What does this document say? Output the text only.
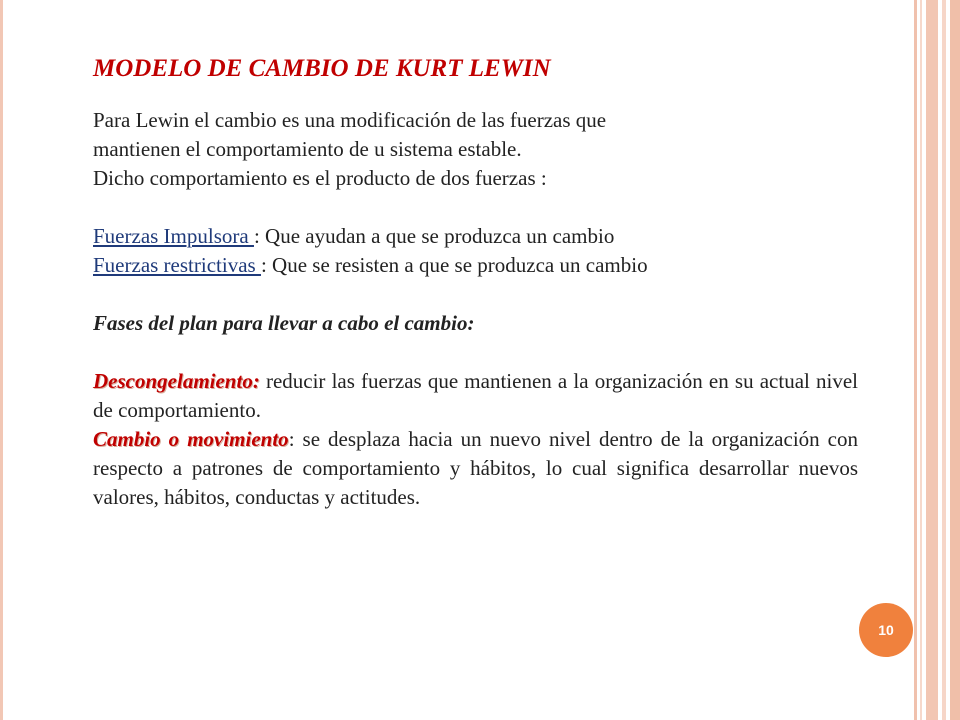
MODELO DE CAMBIO DE KURT LEWIN

Para Lewin el cambio es una modificación de las fuerzas que

mantienen el comportamiento de u sistema estable.

Dicho comportamiento es el producto de dos fuerzas :

Fuerzas Impulsora : Que ayudan a que se produzca un cambio

Fuerzas restrictivas : Que se resisten a que se produzca un cambio

Fases del plan para llevar a cabo el cambio:

Descongelamiento: reducir las fuerzas que mantienen a la organización en su actual nivel de comportamiento.

Cambio o movimiento: se desplaza hacia un nuevo nivel dentro de la organización con respecto a patrones de comportamiento y hábitos, lo cual significa desarrollar nuevos valores, hábitos, conductas y actitudes.

10
